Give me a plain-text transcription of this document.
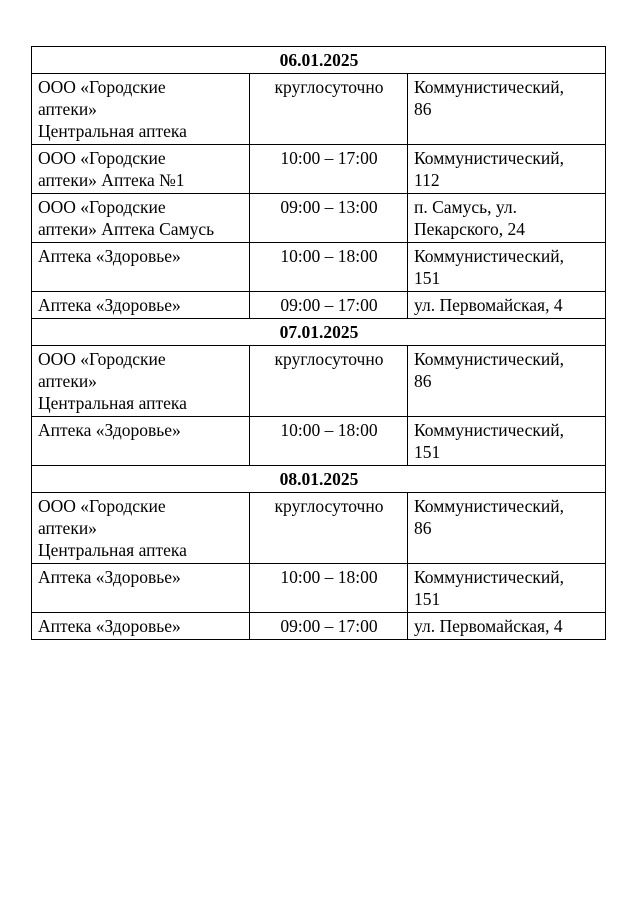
06.01.2025		

ООО «Городские
аптеки»
Центральная аптека	круглосуточно	Коммунистический,
86

ООО «Городские
аптеки» Аптека №1	10:00 – 17:00	Коммунистический,
112

ООО «Городские
аптеки» Аптека Самусь	09:00 – 13:00	п. Самусь, ул.
Пекарского, 24

Аптека «Здоровье»	10:00 – 18:00	Коммунистический,
151

Аптека «Здоровье»	09:00 – 17:00	ул. Первомайская, 4

07.01.2025		

ООО «Городские
аптеки»
Центральная аптека	круглосуточно	Коммунистический,
86

Аптека «Здоровье»	10:00 – 18:00	Коммунистический,
151

08.01.2025		

ООО «Городские
аптеки»
Центральная аптека	круглосуточно	Коммунистический,
86

Аптека «Здоровье»	10:00 – 18:00	Коммунистический,
151

Аптека «Здоровье»	09:00 – 17:00	ул. Первомайская, 4
